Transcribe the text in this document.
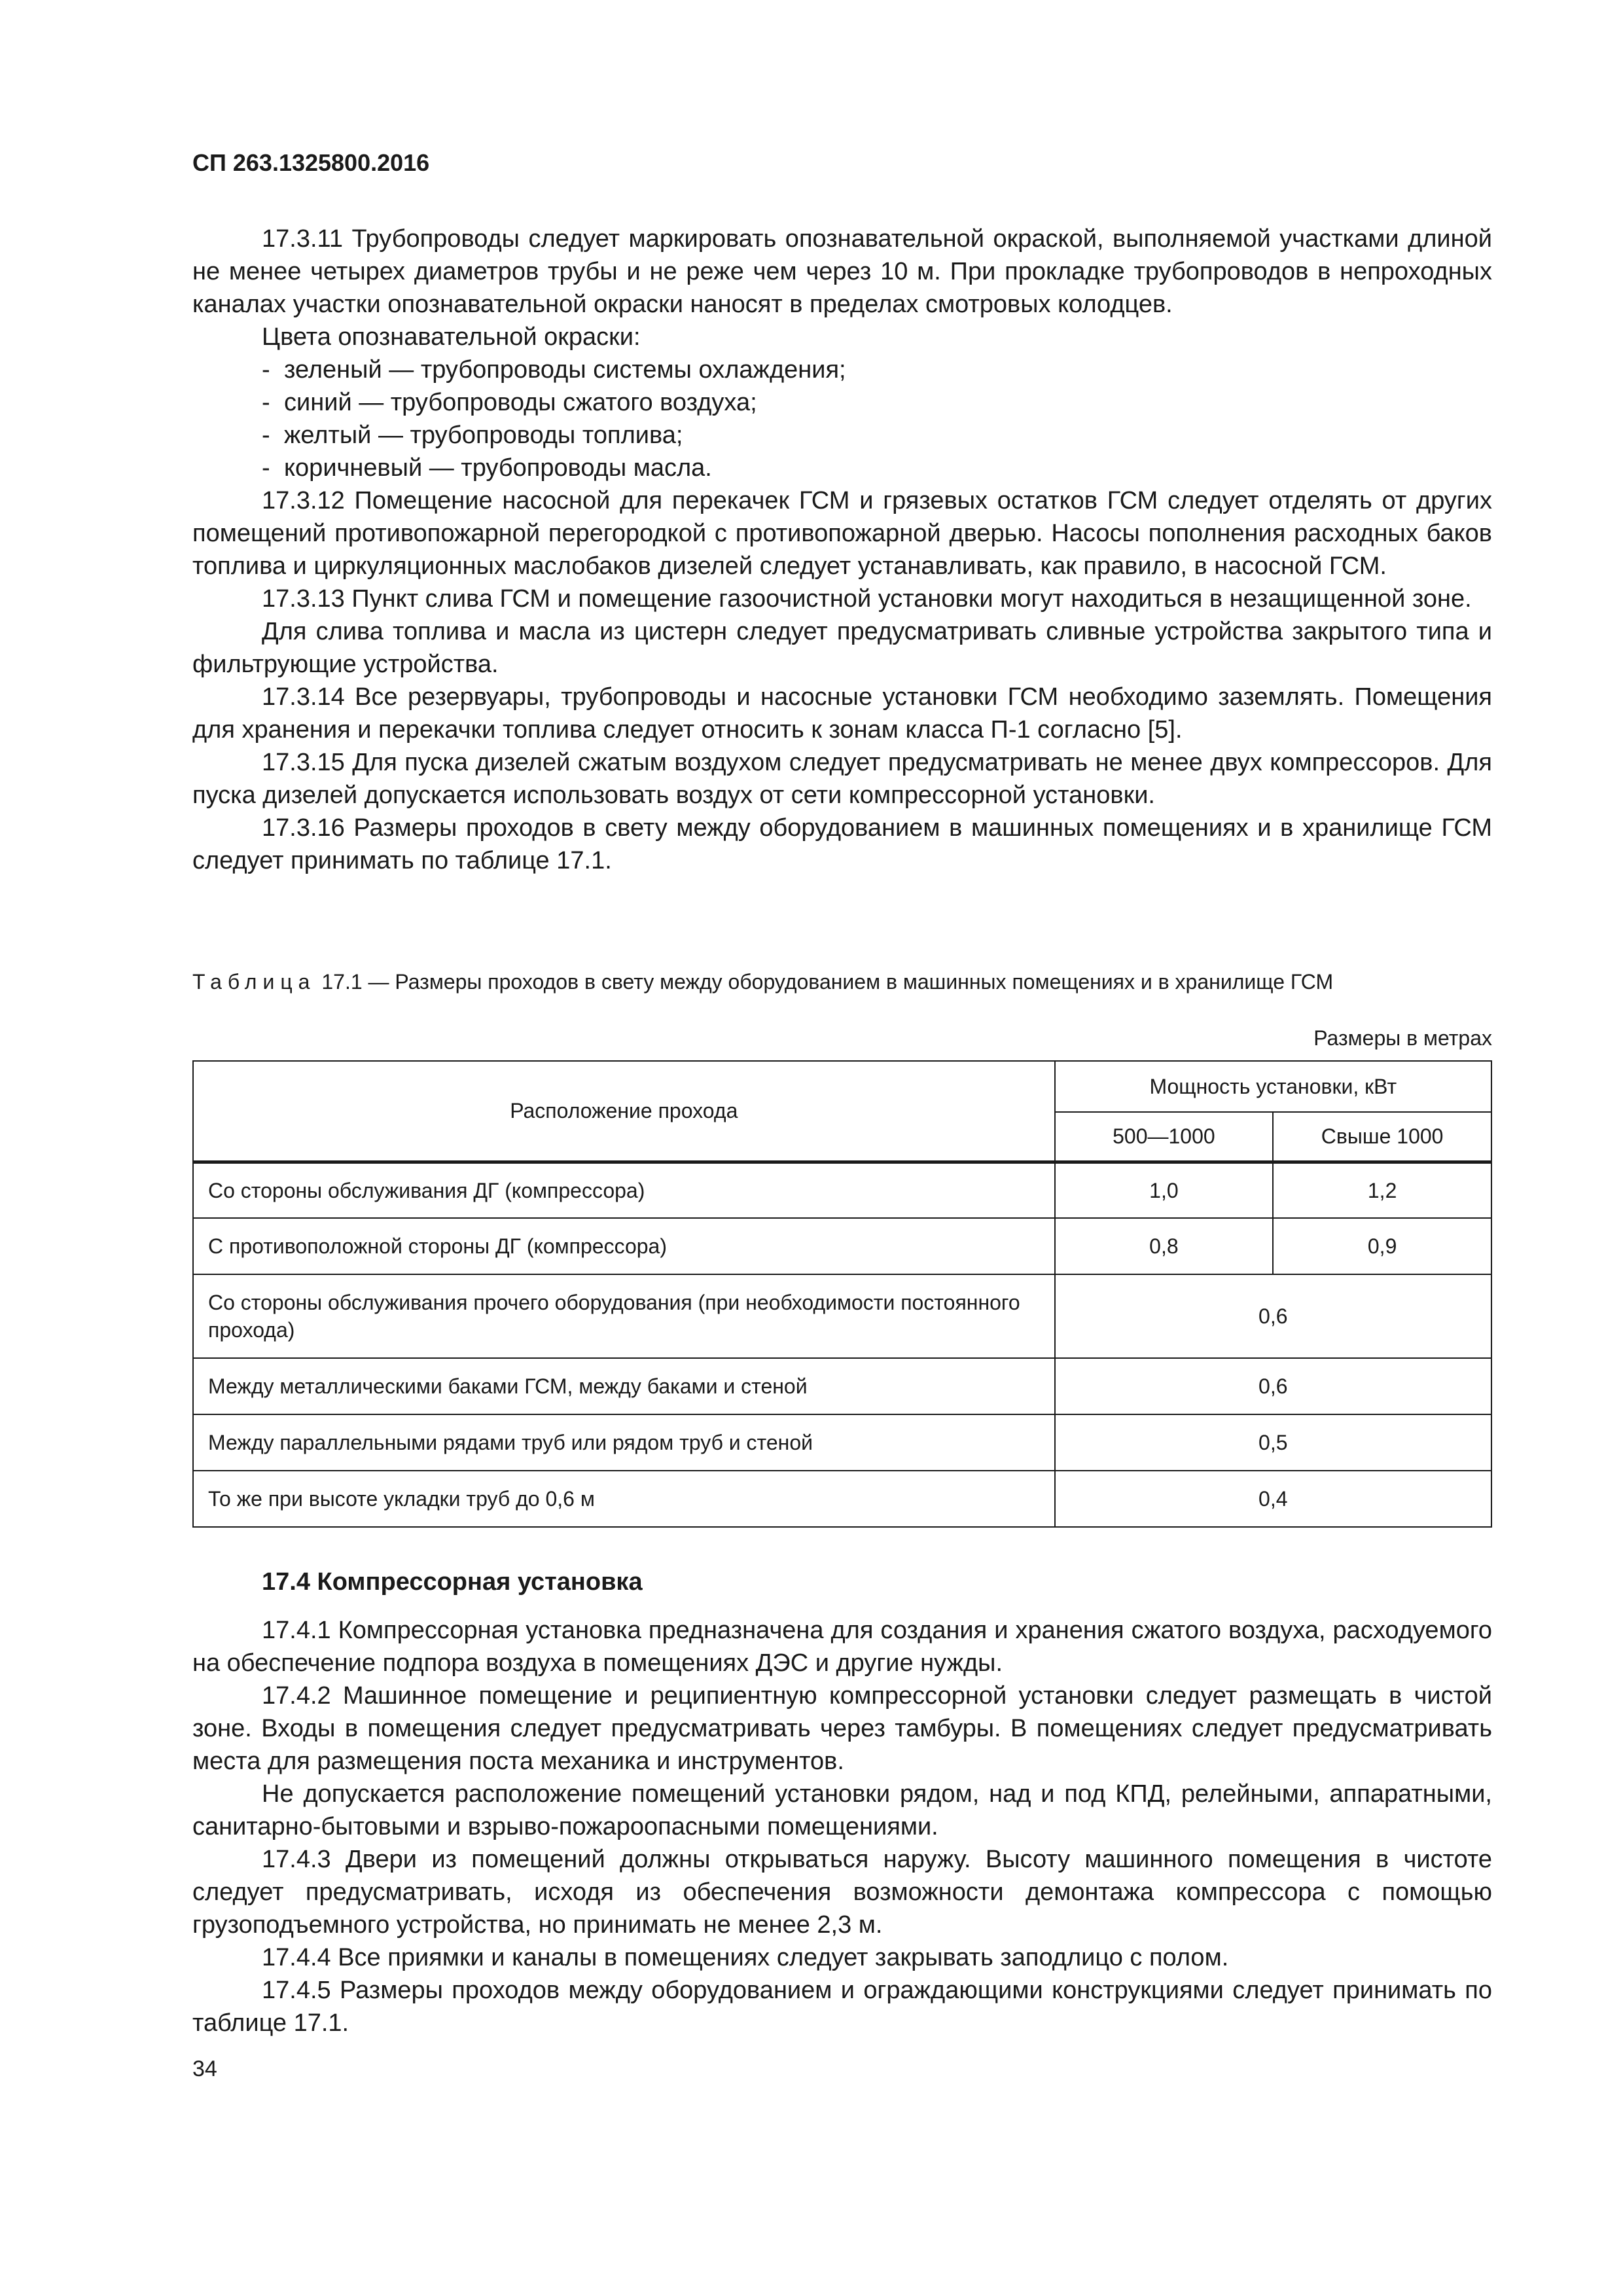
СП 263.1325800.2016

17.3.11 Трубопроводы следует маркировать опознавательной окраской, выполняемой участками длиной не менее четырех диаметров трубы и не реже чем через 10 м. При прокладке трубопроводов в непроходных каналах участки опознавательной окраски наносят в пределах смотровых колодцев.

Цвета опознавательной окраски:

- зеленый — трубопроводы системы охлаждения;

- синий — трубопроводы сжатого воздуха;

- желтый — трубопроводы топлива;

- коричневый — трубопроводы масла.

17.3.12 Помещение насосной для перекачек ГСМ и грязевых остатков ГСМ следует отделять от других помещений противопожарной перегородкой с противопожарной дверью. Насосы пополнения расходных баков топлива и циркуляционных маслобаков дизелей следует устанавливать, как правило, в насосной ГСМ.

17.3.13 Пункт слива ГСМ и помещение газоочистной установки могут находиться в незащищенной зоне.

Для слива топлива и масла из цистерн следует предусматривать сливные устройства закрытого типа и фильтрующие устройства.

17.3.14 Все резервуары, трубопроводы и насосные установки ГСМ необходимо заземлять. Помещения для хранения и перекачки топлива следует относить к зонам класса П-1 согласно [5].

17.3.15 Для пуска дизелей сжатым воздухом следует предусматривать не менее двух компрессоров. Для пуска дизелей допускается использовать воздух от сети компрессорной установки.

17.3.16 Размеры проходов в свету между оборудованием в машинных помещениях и в хранилище ГСМ следует принимать по таблице 17.1.

Таблица 17.1 — Размеры проходов в свету между оборудованием в машинных помещениях и в хранилище ГСМ

Размеры в метрах

Расположение прохода	Мощность установки, кВт	
	500—1000	Свыше 1000
Со стороны обслуживания ДГ (компрессора)	1,0	1,2
С противоположной стороны ДГ (компрессора)	0,8	0,9
Со стороны обслуживания прочего оборудования (при необходимости постоянного прохода)	0,6	
Между металлическими баками ГСМ, между баками и стеной	0,6	
Между параллельными рядами труб или рядом труб и стеной	0,5	
То же при высоте укладки труб до 0,6 м	0,4	

17.4 Компрессорная установка

17.4.1 Компрессорная установка предназначена для создания и хранения сжатого воздуха, расходуемого на обеспечение подпора воздуха в помещениях ДЭС и другие нужды.

17.4.2 Машинное помещение и реципиентную компрессорной установки следует размещать в чистой зоне. Входы в помещения следует предусматривать через тамбуры. В помещениях следует предусматривать места для размещения поста механика и инструментов.

Не допускается расположение помещений установки рядом, над и под КПД, релейными, аппаратными, санитарно-бытовыми и взрыво-пожароопасными помещениями.

17.4.3 Двери из помещений должны открываться наружу. Высоту машинного помещения в чистоте следует предусматривать, исходя из обеспечения возможности демонтажа компрессора с помощью грузоподъемного устройства, но принимать не менее 2,3 м.

17.4.4 Все приямки и каналы в помещениях следует закрывать заподлицо с полом.

17.4.5 Размеры проходов между оборудованием и ограждающими конструкциями следует принимать по таблице 17.1.

34
